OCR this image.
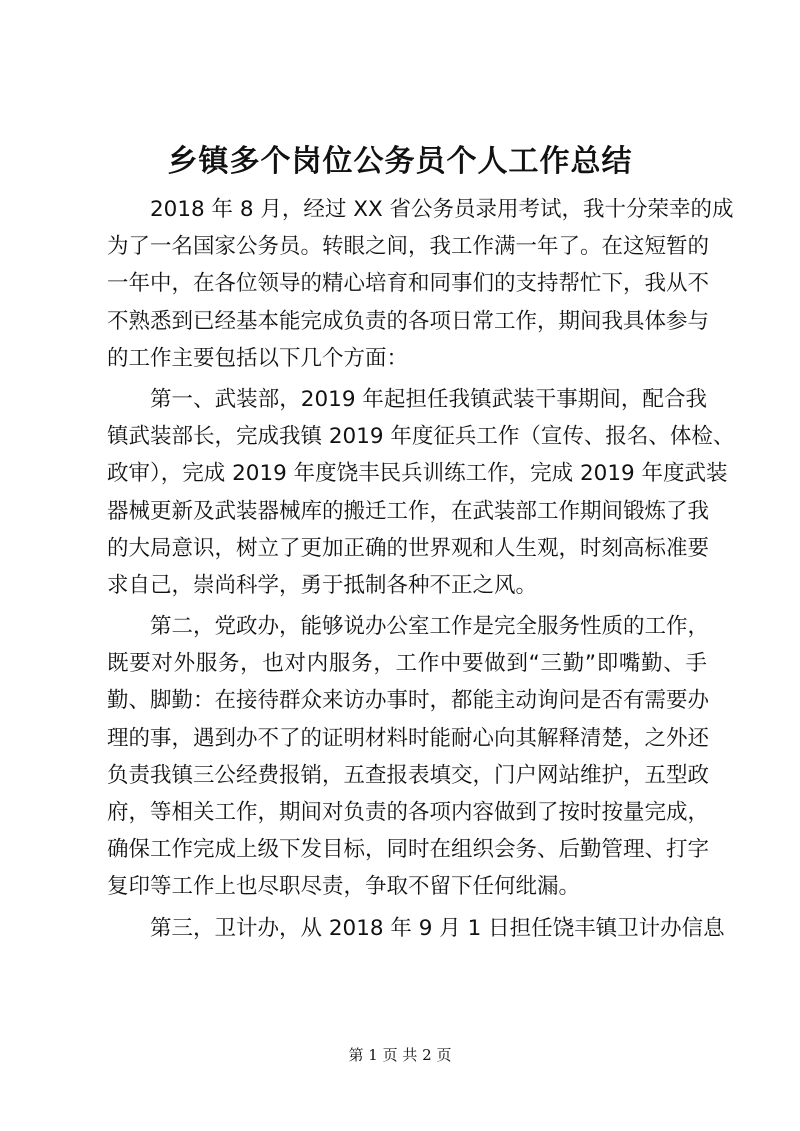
乡镇多个岗位公务员个人工作总结
2018 年 8 月，经过 XX 省公务员录用考试，我十分荣幸的成
为了一名国家公务员。转眼之间，我工作满一年了。在这短暂的
一年中，在各位领导的精心培育和同事们的支持帮忙下，我从不
不熟悉到已经基本能完成负责的各项日常工作，期间我具体参与
的工作主要包括以下几个方面：
第一、武装部，2019 年起担任我镇武装干事期间，配合我
镇武装部长，完成我镇 2019 年度征兵工作（宣传、报名、体检、
政审），完成 2019 年度饶丰民兵训练工作，完成 2019 年度武装
器械更新及武装器械库的搬迁工作，在武装部工作期间锻炼了我
的大局意识，树立了更加正确的世界观和人生观，时刻高标准要
求自己，崇尚科学，勇于抵制各种不正之风。
第二，党政办，能够说办公室工作是完全服务性质的工作，
既要对外服务，也对内服务，工作中要做到“三勤”即嘴勤、手
勤、脚勤：在接待群众来访办事时，都能主动询问是否有需要办
理的事，遇到办不了的证明材料时能耐心向其解释清楚，之外还
负责我镇三公经费报销，五查报表填交，门户网站维护，五型政
府，等相关工作，期间对负责的各项内容做到了按时按量完成，
确保工作完成上级下发目标，同时在组织会务、后勤管理、打字
复印等工作上也尽职尽责，争取不留下任何纰漏。
第三，卫计办，从 2018 年 9 月 1 日担任饶丰镇卫计办信息
第 1 页 共 2 页
